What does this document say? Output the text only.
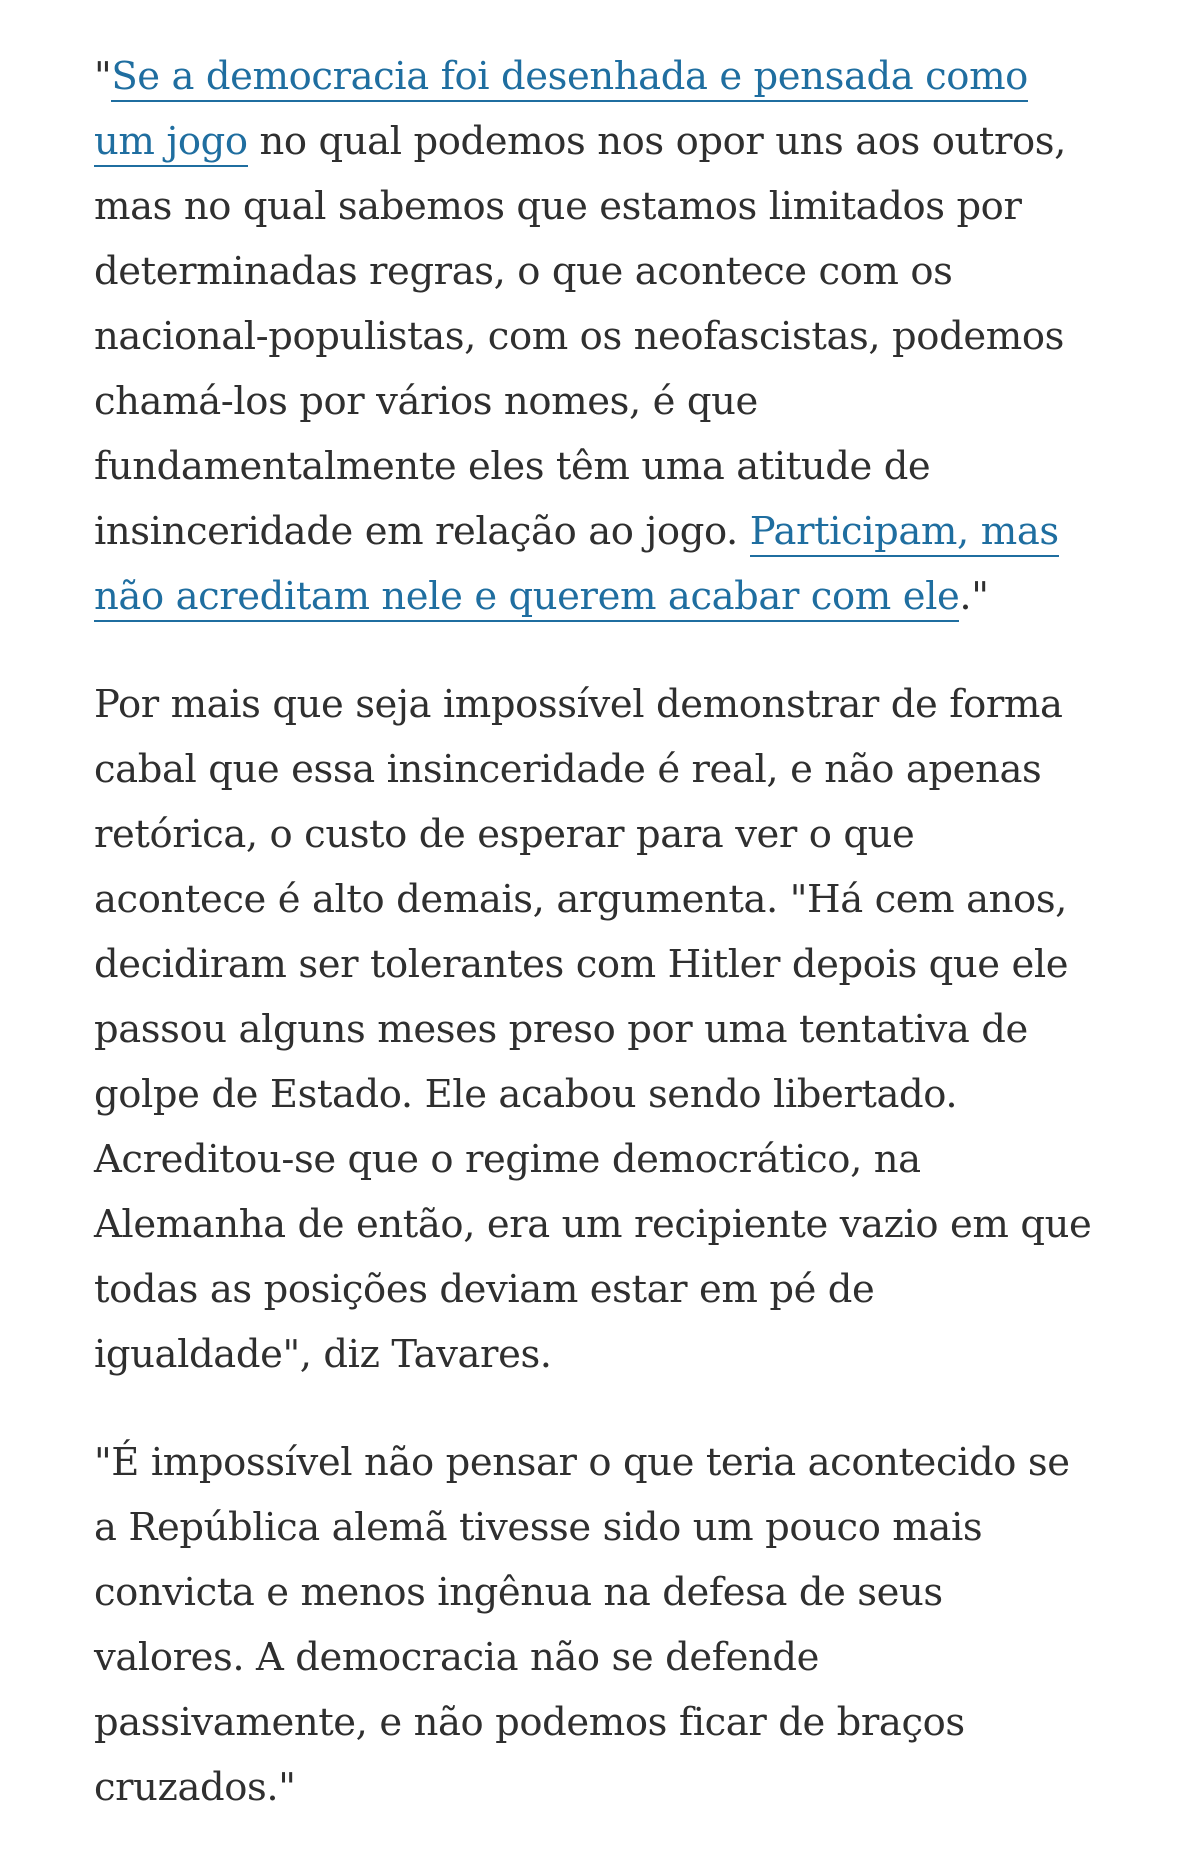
"Se a democracia foi desenhada e pensada como um jogo no qual podemos nos opor uns aos outros, mas no qual sabemos que estamos limitados por determinadas regras, o que acontece com os nacional-populistas, com os neofascistas, podemos chamá-los por vários nomes, é que fundamentalmente eles têm uma atitude de insinceridade em relação ao jogo. Participam, mas não acreditam nele e querem acabar com ele."

Por mais que seja impossível demonstrar de forma cabal que essa insinceridade é real, e não apenas retórica, o custo de esperar para ver o que acontece é alto demais, argumenta. "Há cem anos, decidiram ser tolerantes com Hitler depois que ele passou alguns meses preso por uma tentativa de golpe de Estado. Ele acabou sendo libertado. Acreditou-se que o regime democrático, na Alemanha de então, era um recipiente vazio em que todas as posições deviam estar em pé de igualdade", diz Tavares.

"É impossível não pensar o que teria acontecido se a República alemã tivesse sido um pouco mais convicta e menos ingênua na defesa de seus valores. A democracia não se defende passivamente, e não podemos ficar de braços cruzados."
